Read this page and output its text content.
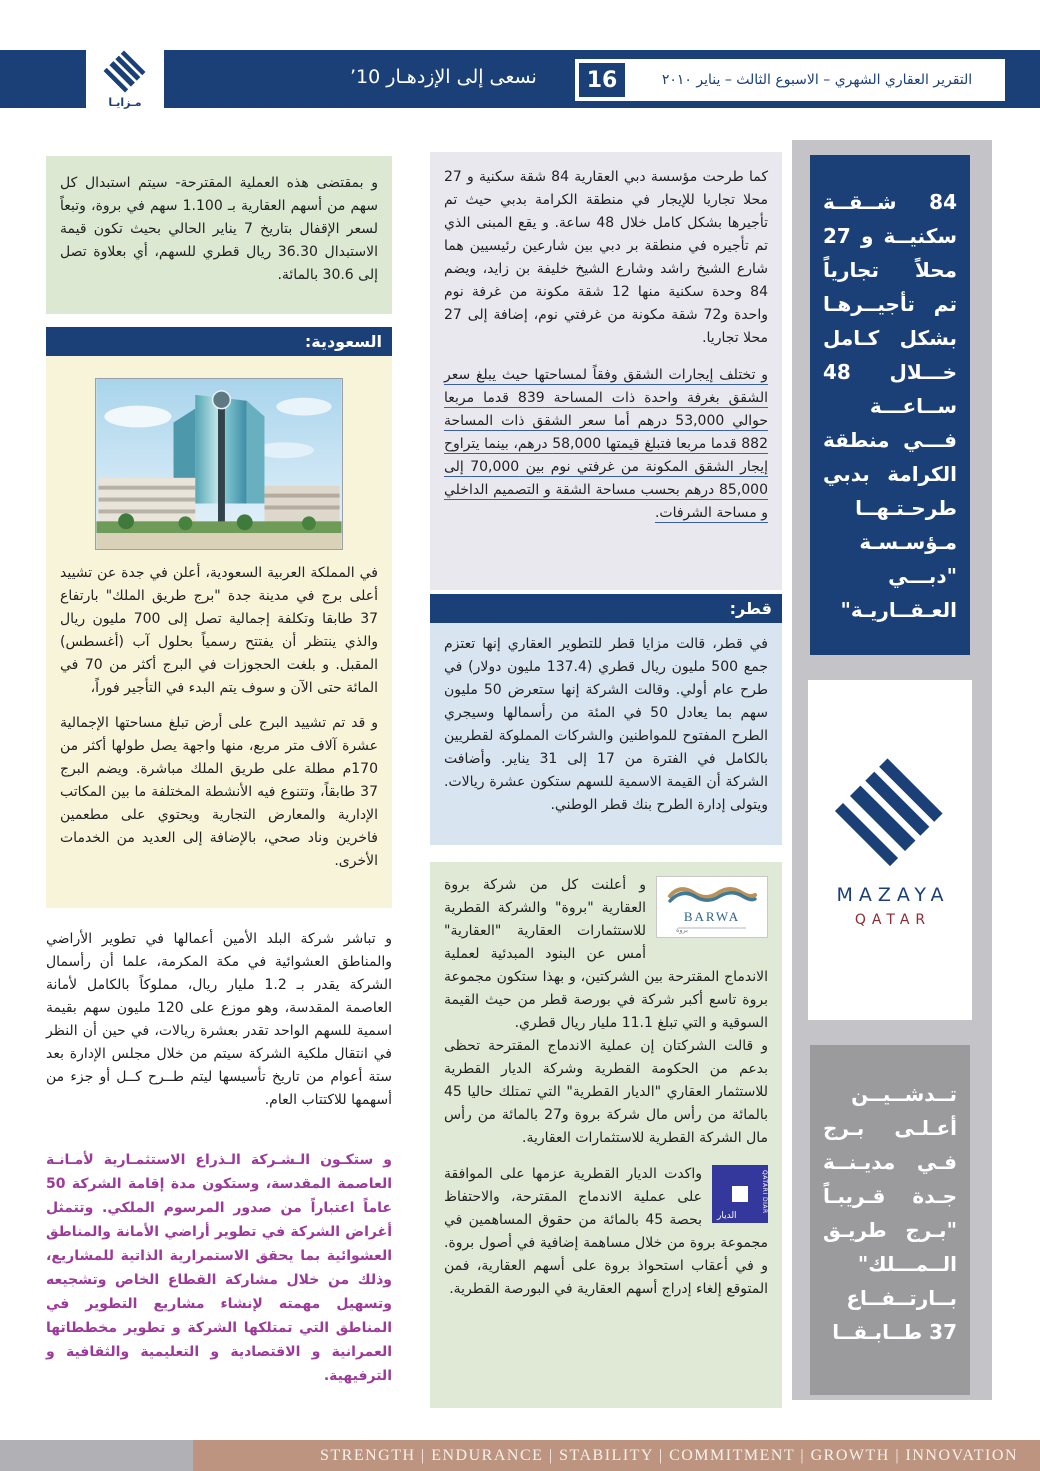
مـزايـا
نسعى إلى الإزدهـار 10’	16	التقرير العقاري الشهري – الاسبوع الثالث – يناير ٢٠١٠

و بمقتضى هذه العملية المقترحة- سيتم استبدال كل سهم من أسهم العقارية بـ 1.100 سهم في بروة، وتبعاً لسعر الإقفال بتاريخ 7 يناير الحالي بحيث تكون قيمة الاستبدال 36.30 ريال قطري للسهم، أي بعلاوة تصل إلى 30.6 بالمائة.

السعودية:

في المملكة العربية السعودية، أعلن في جدة عن تشييد أعلى برج في مدينة جدة "برج طريق الملك" بارتفاع 37 طابقا وتكلفة إجمالية تصل إلى 700 مليون ريال والذي ينتظر أن يفتتح رسمياً بحلول آب (أغسطس) المقبل. و بلغت الحجوزات في البرج أكثر من 70 في المائة حتى الآن و سوف يتم البدء في التأجير فوراً،

و قد تم تشييد البرج على أرض تبلغ مساحتها الإجمالية عشرة آلاف متر مربع، منها واجهة يصل طولها أكثر من 170م مطلة على طريق الملك مباشرة. ويضم البرج 37 طابقاً، وتتنوع فيه الأنشطة المختلفة ما بين المكاتب الإدارية والمعارض التجارية ويحتوي على مطعمين فاخرين وناد صحي، بالإضافة إلى العديد من الخدمات الأخرى.

و تباشر شركة البلد الأمين أعمالها في تطوير الأراضي والمناطق العشوائية في مكة المكرمة، علما أن رأسمال الشركة يقدر بـ 1.2 مليار ريال، مملوكاً بالكامل لأمانة العاصمة المقدسة، وهو موزع على 120 مليون سهم بقيمة اسمية للسهم الواحد تقدر بعشرة ريالات، في حين أن النظر في انتقال ملكية الشركة سيتم من خلال مجلس الإدارة بعد ستة أعوام من تاريخ تأسيسها ليتم طــرح كــل أو جزء من أسهمها للاكتتاب العام.

و ستكـون الـشـركة الـذراع الاستثمـارية لأمـانـة العاصمة المقدسة، وستكون مدة إقامة الشركة 50 عاماً اعتباراً من صدور المرسوم الملكي. وتتمثل أغراض الشركة في تطوير أراضي الأمانة والمناطق العشوائية بما يحقق الاستمرارية الذاتية للمشاريع، وذلك من خلال مشاركة القطاع الخاص وتشجيعه وتسهيل مهمته لإنشاء مشاريع التطوير في المناطق التي تمتلكها الشركة و تطوير مخططاتها العمرانية و الاقتصادية و التعليمية والثقافية و الترفيهية.

كما طرحت مؤسسة دبي العقارية 84 شقة سكنية و 27 محلا تجاريا للإيجار في منطقة الكرامة بدبي حيث تم تأجيرها بشكل كامل خلال 48 ساعة. و يقع المبنى الذي تم تأجيره في منطقة بر دبي بين شارعين رئيسيين هما شارع الشيخ راشد وشارع الشيخ خليفة بن زايد، ويضم 84 وحدة سكنية منها 12 شقة مكونة من غرفة نوم واحدة و72 شقة مكونة من غرفتي نوم، إضافة إلى 27 محلا تجاريا.

و تختلف إيجارات الشقق وفقاً لمساحتها حيث يبلغ سعر الشقق بغرفة واحدة ذات المساحة 839 قدما مربعا حوالي 53,000 درهم أما سعر الشقق ذات المساحة 882 قدما مربعا فتبلغ قيمتها 58,000 درهم، بينما يتراوح إيجار الشقق المكونة من غرفتي نوم بين 70,000 إلى 85,000 درهم بحسب مساحة الشقة و التصميم الداخلي و مساحة الشرفات.

قطر:

في قطر، قالت مزايا قطر للتطوير العقاري إنها تعتزم جمع 500 مليون ريال قطري (137.4 مليون دولار) في طرح عام أولي. وقالت الشركة إنها ستعرض 50 مليون سهم بما يعادل 50 في المئة من رأسمالها وسيجري الطرح المفتوح للمواطنين والشركات المملوكة لقطريين بالكامل في الفترة من 17 إلى 31 يناير. وأضافت الشركة أن القيمة الاسمية للسهم ستكون عشرة ريالات. ويتولى إدارة الطرح بنك قطر الوطني.

BARWA
بروة

و أعلنت كل من شركة بروة العقارية "بروة" والشركة القطرية للاستثمارات العقارية "العقارية" أمس عن البنود المبدئية لعملية الاندماج المقترحة بين الشركتين، و بهذا ستكون مجموعة بروة تاسع أكبر شركة في بورصة قطر من حيث القيمة السوقية و التي تبلغ 11.1 مليار ريال قطري.

و قالت الشركتان إن عملية الاندماج المقترحة تحظى بدعم من الحكومة القطرية وشركة الديار القطرية للاستثمار العقاري "الديار القطرية" التي تمتلك حاليا 45 بالمائة من رأس مال شركة بروة و27 بالمائة من رأس مال الشركة القطرية للاستثمارات العقارية.

QATARI DIAR
الديار

واكدت الديار القطرية عزمها على الموافقة على عملية الاندماج المقترحة، والاحتفاظ بحصة 45 بالمائة من حقوق المساهمين في مجموعة بروة من خلال مساهمة إضافية في أصول بروة. و في أعقاب استحواذ بروة على أسهم العقارية، فمن المتوقع إلغاء إدراج أسهم العقارية في البورصة القطرية.

84 شــقــة سكنيــة و 27 محلاً تجارياً تم تأجيــرهـا بشكل كـامل خـــلال 48 ســاعـــة فـــي منطقة الكرامة بدبي طرحـتـهــا مـؤسـسـة "دبـــي العـقــاريـة"
MAZAYA
QATAR
تــدشــيــن أعـلـى بـرج فـي مديـنــة جـدة قـريبـاً "بـرج طريـق الــمـــلك" بــارتــفــاع 37 طــابـقــا
STRENGTH | ENDURANCE | STABILITY | COMMITMENT | GROWTH | INNOVATION
